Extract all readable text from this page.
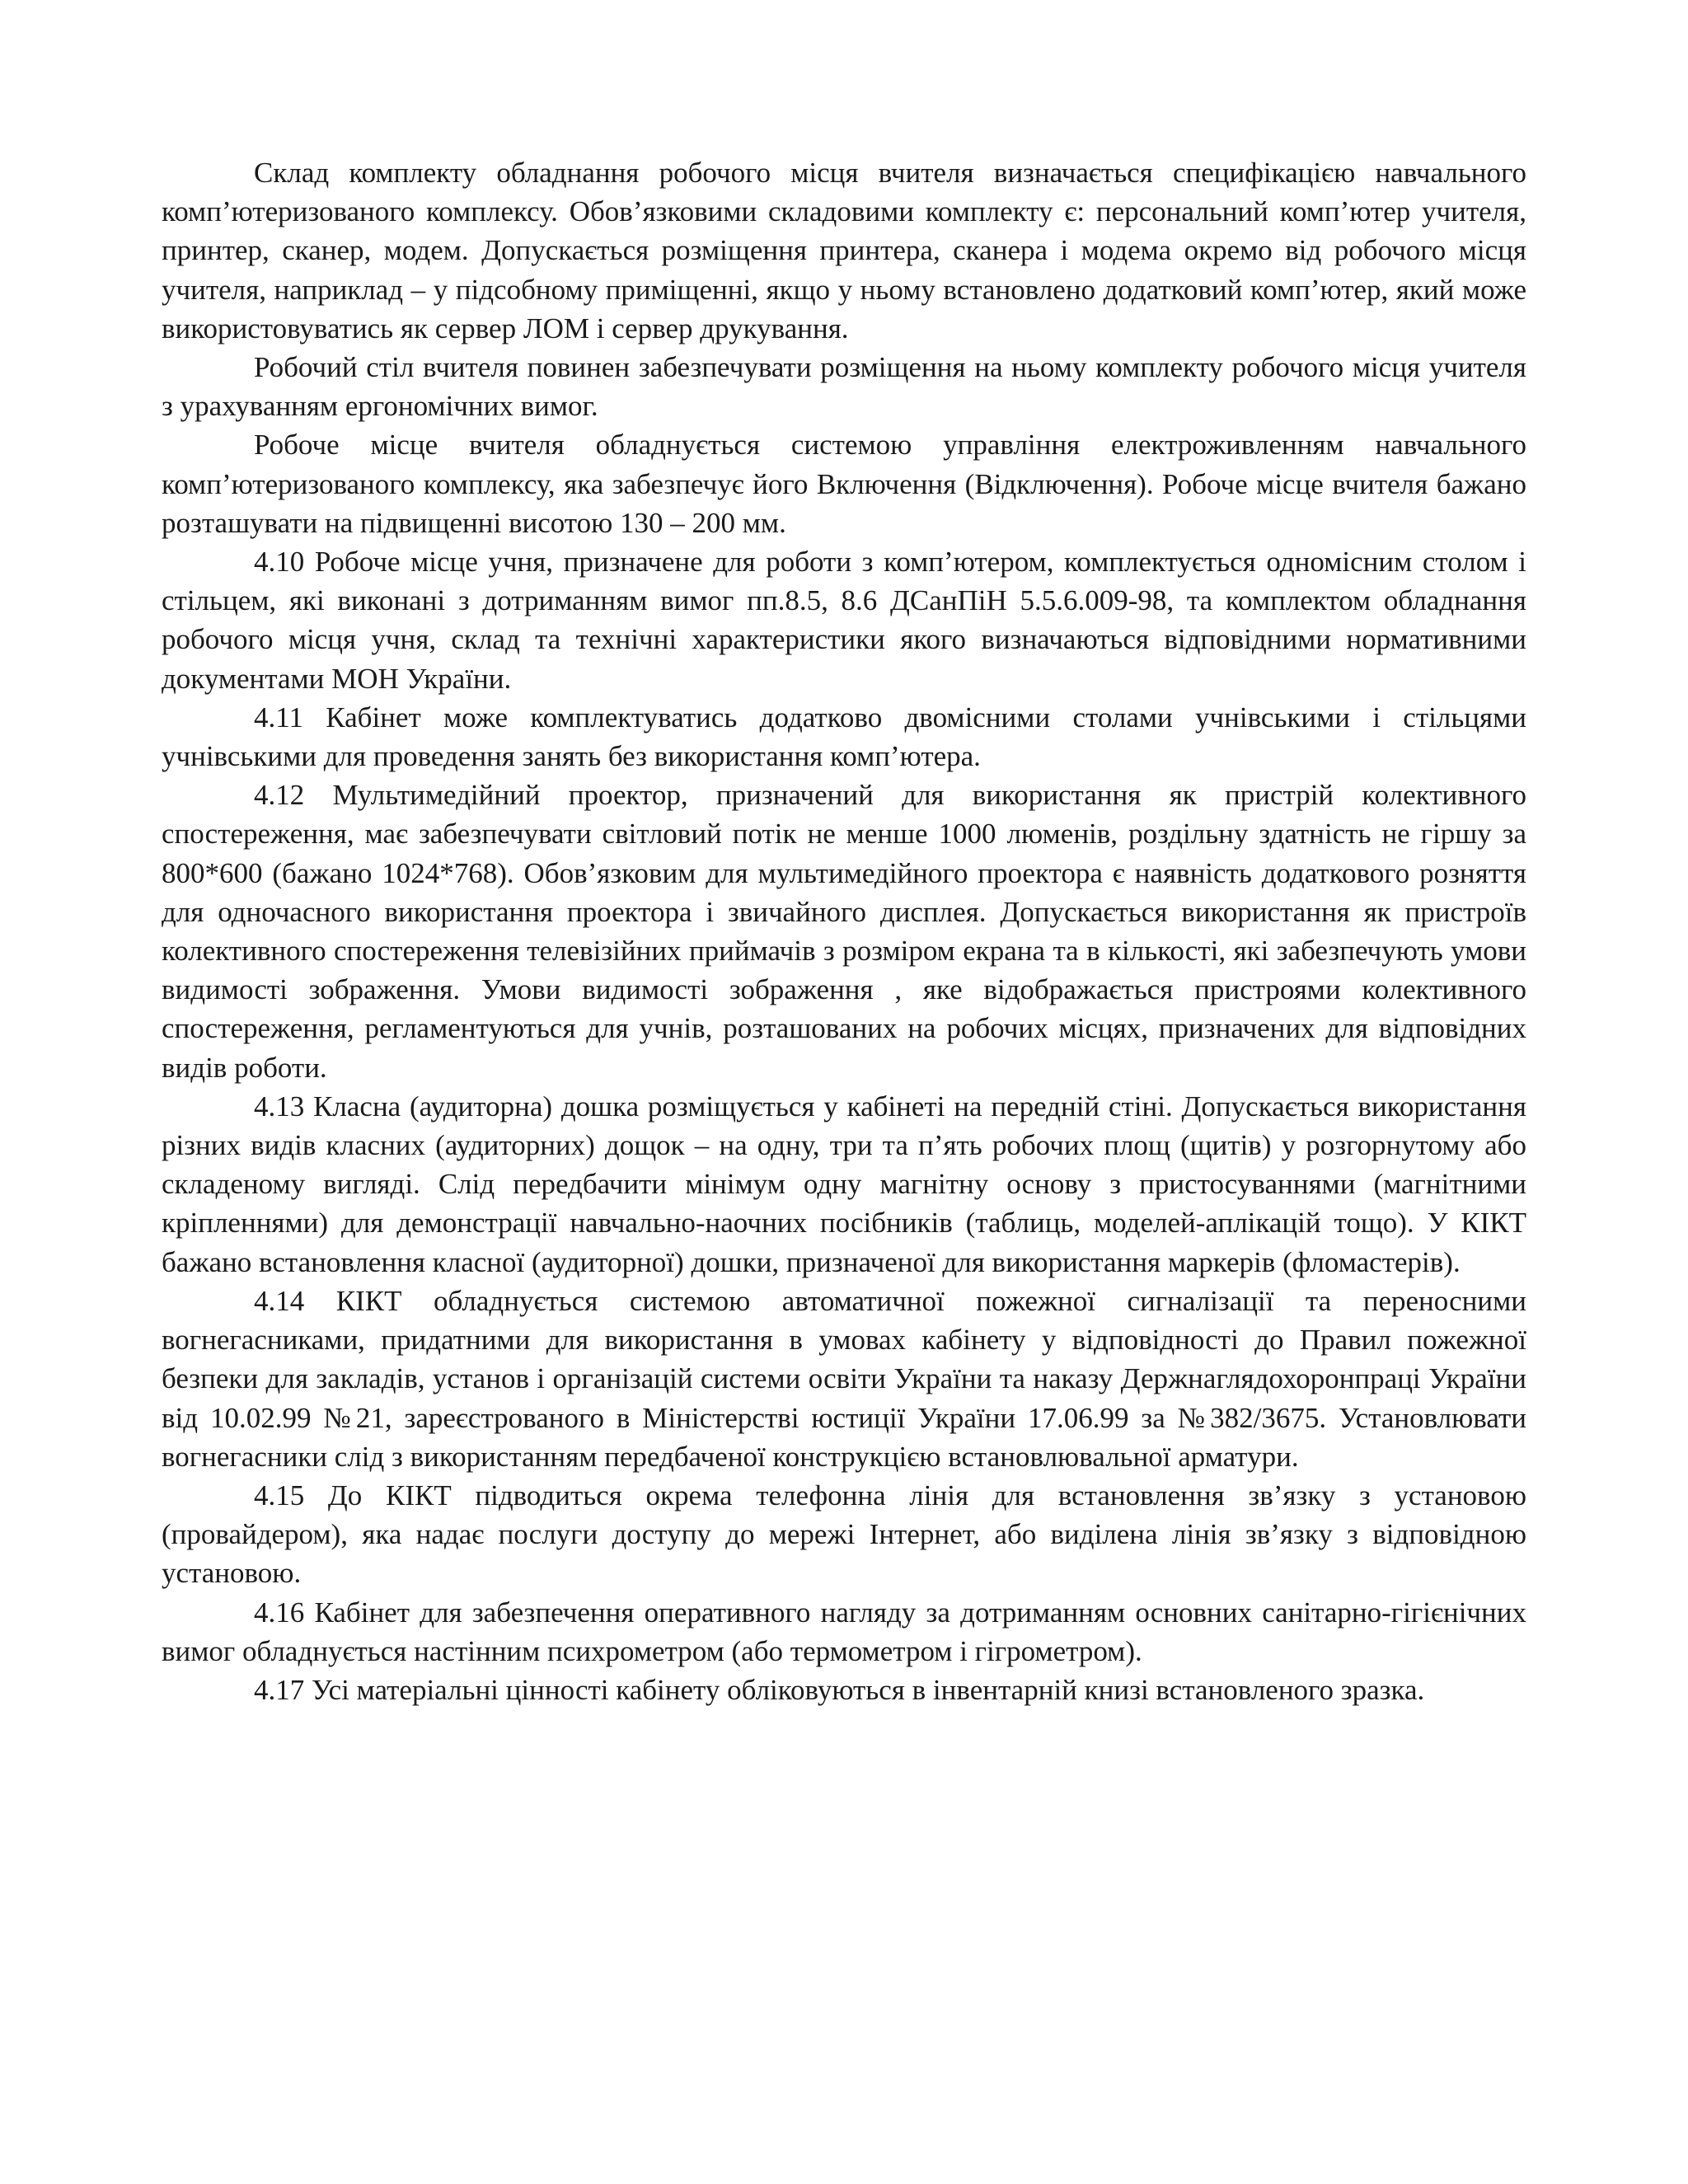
Склад комплекту обладнання робочого місця вчителя визначається специфікацією навчального комп’ютеризованого комплексу. Обов’язковими складовими комплекту є: персональний комп’ютер учителя, принтер, сканер, модем. Допускається розміщення принтера, сканера і модема окремо від робочого місця учителя, наприклад – у підсобному приміщенні, якщо у ньому встановлено додатковий комп’ютер, який може використовуватись як сервер ЛОМ і сервер друкування.

Робочий стіл вчителя повинен забезпечувати розміщення на ньому комплекту робочого місця учителя з урахуванням ергономічних вимог.

Робоче місце вчителя обладнується системою управління електроживленням навчального комп’ютеризованого комплексу, яка забезпечує його Включення (Відключення). Робоче місце вчителя бажано розташувати на підвищенні висотою 130 – 200 мм.

4.10 Робоче місце учня, призначене для роботи з комп’ютером, комплектується одномісним столом і стільцем, які виконані з дотриманням вимог пп.8.5, 8.6 ДСанПіН 5.5.6.009-98, та комплектом обладнання робочого місця учня, склад та технічні характеристики якого визначаються відповідними нормативними документами МОН України.

4.11 Кабінет може комплектуватись додатково двомісними столами учнівськими і стільцями учнівськими для проведення занять без використання комп’ютера.

4.12 Мультимедійний проектор, призначений для використання як пристрій колективного спостереження, має забезпечувати світловий потік не менше 1000 люменів, роздільну здатність не гіршу за 800*600 (бажано 1024*768). Обов’язковим для мультимедійного проектора є наявність додаткового розняття для одночасного використання проектора і звичайного дисплея. Допускається використання як пристроїв колективного спостереження телевізійних приймачів з розміром екрана та в кількості, які забезпечують умови видимості зображення. Умови видимості зображення , яке відображається пристроями колективного спостереження, регламентуються для учнів, розташованих на робочих місцях, призначених для відповідних видів роботи.

4.13 Класна (аудиторна) дошка розміщується у кабінеті на передній стіні. Допускається використання різних видів класних (аудиторних) дощок – на одну, три та п’ять робочих площ (щитів) у розгорнутому або складеному вигляді. Слід передбачити мінімум одну магнітну основу з пристосуваннями (магнітними кріпленнями) для демонстрації навчально-наочних посібників (таблиць, моделей-аплікацій тощо). У КІКТ бажано встановлення класної (аудиторної) дошки, призначеної для використання маркерів (фломастерів).

4.14 КІКТ обладнується системою автоматичної пожежної сигналізації та переносними вогнегасниками, придатними для використання в умовах кабінету у відповідності до Правил пожежної безпеки для закладів, установ і організацій системи освіти України та наказу Держнаглядохоронпраці України від 10.02.99 №21, зареєстрованого в Міністерстві юстиції України 17.06.99 за №382/3675. Установлювати вогнегасники слід з використанням передбаченої конструкцією встановлювальної арматури.

4.15 До КІКТ підводиться окрема телефонна лінія для встановлення зв’язку з установою (провайдером), яка надає послуги доступу до мережі Інтернет, або виділена лінія зв’язку з відповідною установою.

4.16 Кабінет для забезпечення оперативного нагляду за дотриманням основних санітарно-гігієнічних вимог обладнується настінним психрометром (або термометром і гігрометром).

4.17 Усі матеріальні цінності кабінету обліковуються в інвентарній книзі встановленого зразка.
